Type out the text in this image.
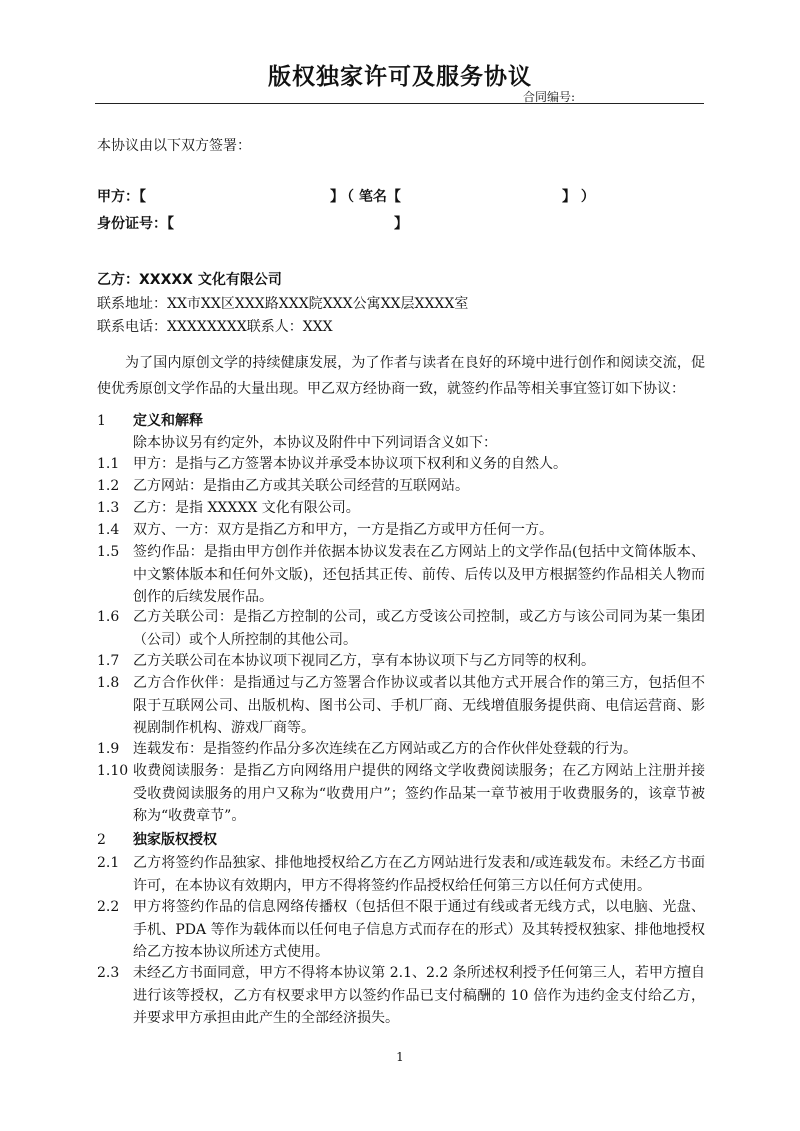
版权独家许可及服务协议
合同编号:
本协议由以下双方签署：
甲方：【	】
（ 笔名【	】 ）
身份证号：【	】
乙方：XXXXX 文化有限公司
联系地址：XX市XX区XXX路XXX院XXX公寓XX层XXXX室
联系电话：XXXXXXXX联系人：XXX
为了国内原创文学的持续健康发展，为了作者与读者在良好的环境中进行创作和阅读交流，促使优秀原创文学作品的大量出现。甲乙双方经协商一致，就签约作品等相关事宜签订如下协议：
1 定义和解释
除本协议另有约定外，本协议及附件中下列词语含义如下：
1.1 甲方：是指与乙方签署本协议并承受本协议项下权利和义务的自然人。
1.2 乙方网站：是指由乙方或其关联公司经营的互联网站。
1.3 乙方：是指 XXXXX 文化有限公司。
1.4 双方、一方：双方是指乙方和甲方，一方是指乙方或甲方任何一方。
1.5 签约作品：是指由甲方创作并依据本协议发表在乙方网站上的文学作品(包括中文简体版本、中文繁体版本和任何外文版)，还包括其正传、前传、后传以及甲方根据签约作品相关人物而创作的后续发展作品。
1.6 乙方关联公司：是指乙方控制的公司，或乙方受该公司控制，或乙方与该公司同为某一集团（公司）或个人所控制的其他公司。
1.7 乙方关联公司在本协议项下视同乙方，享有本协议项下与乙方同等的权利。
1.8 乙方合作伙伴：是指通过与乙方签署合作协议或者以其他方式开展合作的第三方，包括但不限于互联网公司、出版机构、图书公司、手机厂商、无线增值服务提供商、电信运营商、影视剧制作机构、游戏厂商等。
1.9 连载发布：是指签约作品分多次连续在乙方网站或乙方的合作伙伴处登载的行为。
1.10 收费阅读服务：是指乙方向网络用户提供的网络文学收费阅读服务；在乙方网站上注册并接受收费阅读服务的用户又称为“收费用户”；签约作品某一章节被用于收费服务的，该章节被称为“收费章节”。
2 独家版权授权
2.1 乙方将签约作品独家、排他地授权给乙方在乙方网站进行发表和/或连载发布。未经乙方书面许可，在本协议有效期内，甲方不得将签约作品授权给任何第三方以任何方式使用。
2.2 甲方将签约作品的信息网络传播权（包括但不限于通过有线或者无线方式，以电脑、光盘、手机、PDA 等作为载体而以任何电子信息方式而存在的形式）及其转授权独家、排他地授权给乙方按本协议所述方式使用。
2.3 未经乙方书面同意，甲方不得将本协议第 2.1、2.2 条所述权利授予任何第三人，若甲方擅自进行该等授权，乙方有权要求甲方以签约作品已支付稿酬的 10 倍作为违约金支付给乙方，并要求甲方承担由此产生的全部经济损失。
1
